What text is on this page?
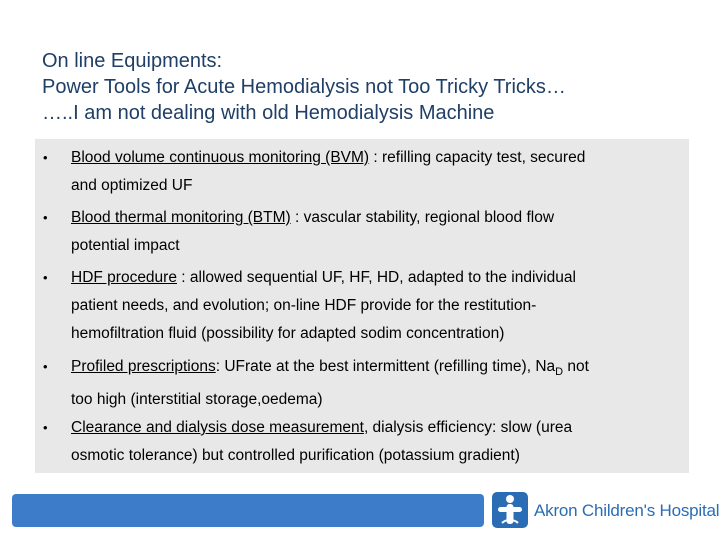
On line Equipments:
Power Tools for Acute Hemodialysis not Too Tricky Tricks…
…..I am not dealing with old Hemodialysis Machine
• Blood volume continuous monitoring (BVM) : refilling capacity test, secured
and optimized UF
• Blood thermal monitoring (BTM) : vascular stability, regional blood flow
potential impact
• HDF procedure : allowed sequential UF, HF, HD, adapted to the individual
patient needs, and evolution; on-line HDF provide for the restitution-
hemofiltration fluid (possibility for adapted sodim concentration)
• Profiled prescriptions: UFrate at the best intermittent (refilling time), $Na_D$ not
too high (interstitial storage,oedema)
• Clearance and dialysis dose measurement, dialysis efficiency: slow (urea
osmotic tolerance) but controlled purification (potassium gradient)
Akron Children's Hospital
